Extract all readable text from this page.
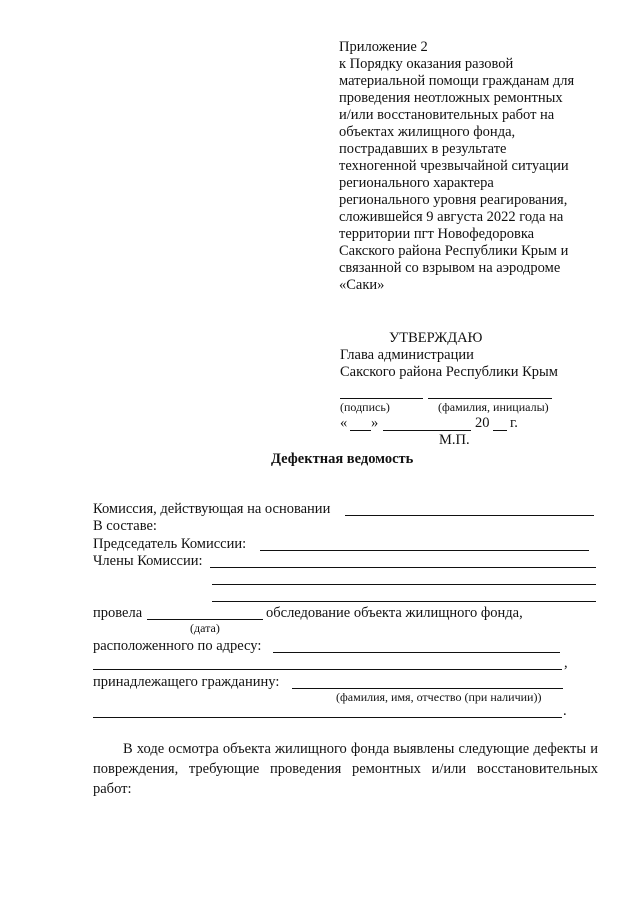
Приложение 2
к Порядку оказания разовой
материальной помощи гражданам для
проведения неотложных ремонтных
и/или восстановительных работ на
объектах жилищного фонда,
пострадавших в результате
техногенной чрезвычайной ситуации
регионального характера
регионального уровня реагирования,
сложившейся 9 августа 2022 года на
территории пгт Новофедоровка
Сакского района Республики Крым и
связанной со взрывом на аэродроме
«Саки»
УТВЕРЖДАЮ
Глава администрации
Сакского района Республики Крым
(подпись)	(фамилия, инициалы)
« »	20 г.
М.П.
Дефектная ведомость
Комиссия, действующая на основании
В составе:
Председатель Комиссии:
Члены Комиссии:
провела	обследование объекта жилищного фонда,
(дата)
расположенного по адресу:
,
принадлежащего гражданину:
(фамилия, имя, отчество (при наличии))
.
В ходе осмотра объекта жилищного фонда выявлены следующие дефекты и повреждения, требующие проведения ремонтных и/или восстановительных работ:
